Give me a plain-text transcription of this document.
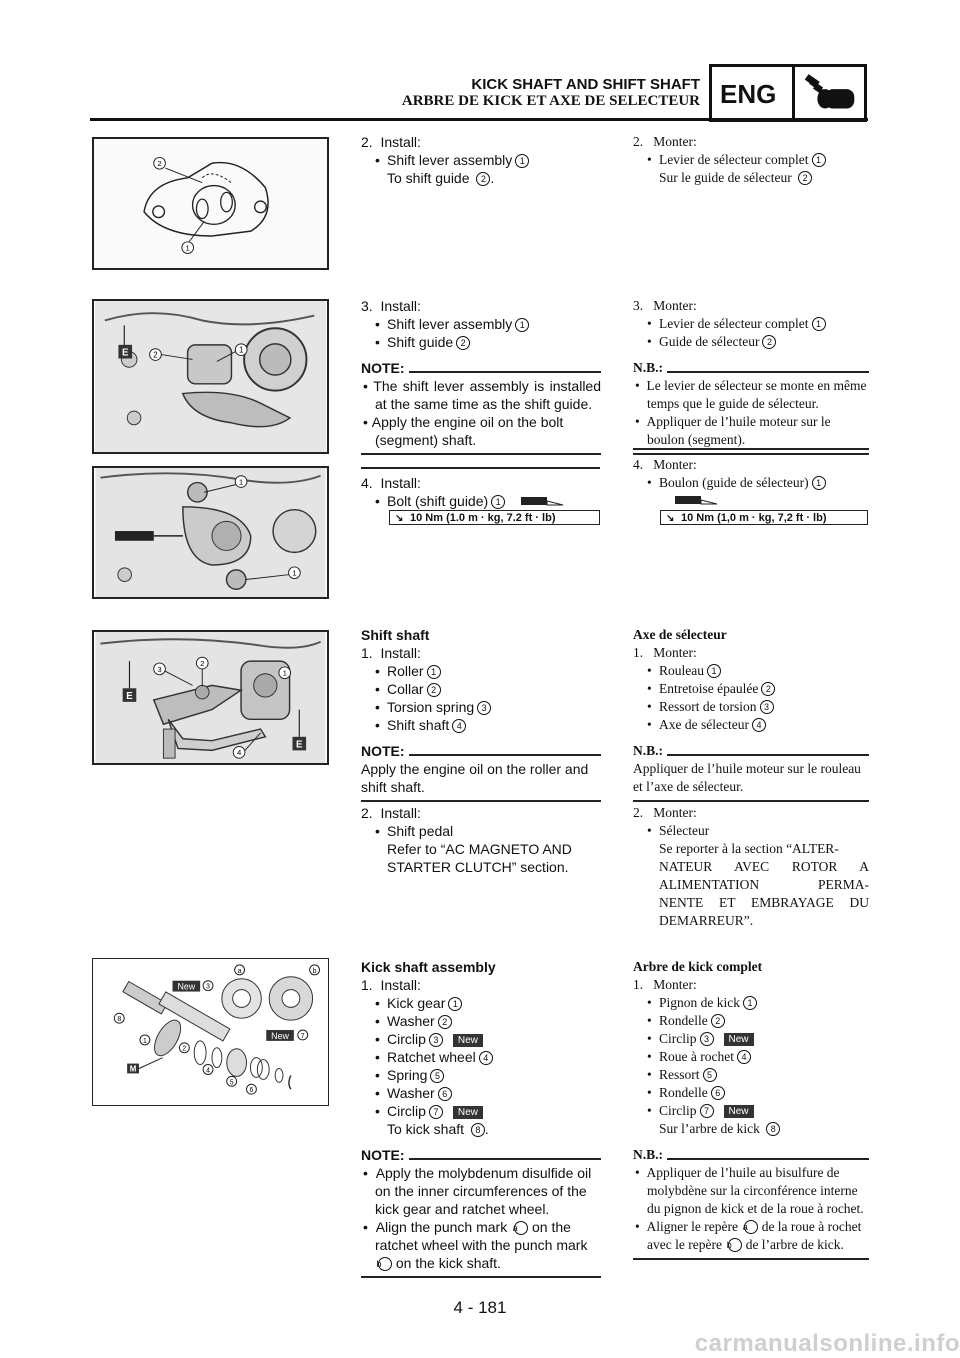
KICK SHAFT AND SHIFT SHAFT
ARBRE DE KICK ET AXE DE SELECTEUR ENG
2
1
E	2
1
1
1
E
E
3
2
1
4
New 3
8
1
2
a	b
New 7
4
5
6
M
2. Install:
• Shift lever assembly 1
To shift guide 2 .
3. Install:
• Shift lever assembly 1
• Shift guide 2
NOTE:
• The shift lever assembly is installed at the same time as the shift guide.
• Apply the engine oil on the bolt (segment) shaft.
4. Install:
• Bolt (shift guide) 1
↘ 10 Nm (1.0 m · kg, 7.2 ft · lb)
Shift shaft
1. Install:
• Roller 1
• Collar 2
• Torsion spring 3
• Shift shaft 4
NOTE:
Apply the engine oil on the roller and shift shaft.
2. Install:
• Shift pedal
Refer to “AC MAGNETO AND
STARTER CLUTCH” section.
Kick shaft assembly
1. Install:
• Kick gear 1
• Washer 2
• Circlip 3 New
• Ratchet wheel 4
• Spring 5
• Washer 6
• Circlip 7 New
To kick shaft 8 .
NOTE:
•  Apply the molybdenum disulfide oil on the inner circumferences of the kick gear and ratchet wheel.
•  Align the punch mark a on the ratchet wheel with the punch mark b on the kick shaft.
2. Monter:
• Levier de sélecteur complet 1
Sur le guide de sélecteur 2
3. Monter:
• Levier de sélecteur complet 1
• Guide de sélecteur 2
N.B.:
•  Le levier de sélecteur se monte en même temps que le guide de sélecteur.
•  Appliquer de l’huile moteur sur le boulon (segment).
4. Monter:
• Boulon (guide de sélecteur) 1
↘ 10 Nm (1,0 m · kg, 7,2 ft · lb)
Axe de sélecteur
1. Monter:
• Rouleau 1
• Entretoise épaulée 2
• Ressort de torsion 3
• Axe de sélecteur 4
N.B.:
Appliquer de l’huile moteur sur le rouleau et l’axe de sélecteur.
2. Monter:
• Sélecteur
Se reporter à la section “ALTER-
NATEUR AVEC ROTOR A
ALIMENTATION PERMA-
NENTE ET EMBRAYAGE DU
DEMARREUR”.
Arbre de kick complet
1. Monter:
• Pignon de kick 1
• Rondelle 2
• Circlip 3 New
• Roue à rochet 4
• Ressort 5
• Rondelle 6
• Circlip 7 New
Sur l’arbre de kick 8
N.B.:
•  Appliquer de l’huile au bisulfure de molybdène sur la circonférence interne du pignon de kick et de la roue à rochet.
•  Aligner le repère a de la roue à rochet avec le repère b de l’arbre de kick.
4 - 181
carmanualsonline.info
